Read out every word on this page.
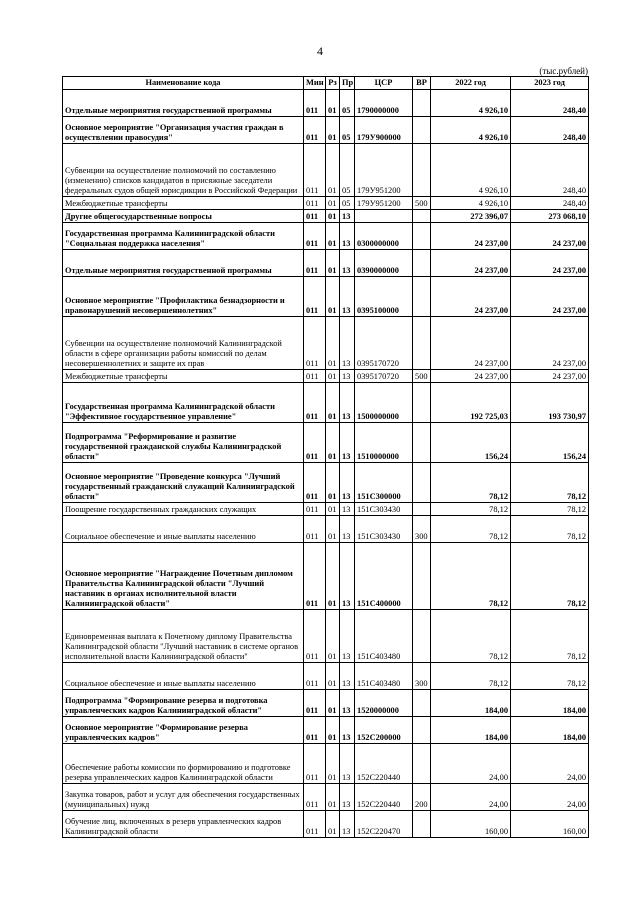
4
(тыс.рублей)
Наименование кода	Мин	Рз	Пр	ЦСР	ВР	2022 год	2023 год
Отдельные мероприятия государственной программы	011	01	05	1790000000		4 926,10	248,40
Основное мероприятие "Организация участия граждан в осуществлении правосудия"	011	01	05	179У900000		4 926,10	248,40
Субвенции на осуществление полномочий по составлению (изменению) списков кандидатов в присяжные заседатели федеральных судов общей юрисдикции в Российской Федерации	011	01	05	179У951200		4 926,10	248,40
Межбюджетные трансферты	011	01	05	179У951200	500	4 926,10	248,40
Другие общегосударственные вопросы	011	01	13			272 396,07	273 068,10
Государственная программа Калининградской области "Социальная поддержка населения"	011	01	13	0300000000		24 237,00	24 237,00
Отдельные мероприятия государственной программы	011	01	13	0390000000		24 237,00	24 237,00
Основное мероприятие "Профилактика безнадзорности и правонарушений несовершеннолетних"	011	01	13	0395100000		24 237,00	24 237,00
Субвенции на осуществление полномочий Калининградской области в сфере организации работы комиссий по делам несовершеннолетних и защите их прав	011	01	13	0395170720		24 237,00	24 237,00
Межбюджетные трансферты	011	01	13	0395170720	500	24 237,00	24 237,00
Государственная программа Калининградской области "Эффективное государственное управление"	011	01	13	1500000000		192 725,03	193 730,97
Подпрограмма "Реформирование и развитие государственной гражданской службы Калининградской области"	011	01	13	1510000000		156,24	156,24
Основное мероприятие "Проведение конкурса "Лучший государственный гражданский служащий Калининградской области"	011	01	13	151С300000		78,12	78,12
Поощрение государственных гражданских служащих	011	01	13	151С303430		78,12	78,12
Социальное обеспечение и иные выплаты населению	011	01	13	151С303430	300	78,12	78,12
Основное мероприятие "Награждение Почетным дипломом Правительства Калининградской области "Лучший наставник в органах исполнительной власти Калининградской области"	011	01	13	151С400000		78,12	78,12
Единовременная выплата к Почетному диплому Правительства Калининградской области "Лучший наставник в системе органов исполнительной власти Калининградской области"	011	01	13	151С403480		78,12	78,12
Социальное обеспечение и иные выплаты населению	011	01	13	151С403480	300	78,12	78,12
Подпрограмма "Формирование резерва и подготовка управленческих кадров Калининградской области"	011	01	13	1520000000		184,00	184,00
Основное мероприятие "Формирование резерва управленческих кадров"	011	01	13	152С200000		184,00	184,00
Обеспечение работы комиссии по формированию и подготовке резерва управленческих кадров Калининградской области	011	01	13	152С220440		24,00	24,00
Закупка товаров, работ и услуг для обеспечения государственных (муниципальных) нужд	011	01	13	152С220440	200	24,00	24,00
Обучение лиц, включенных в резерв управленческих кадров Калининградской области	011	01	13	152С220470		160,00	160,00
